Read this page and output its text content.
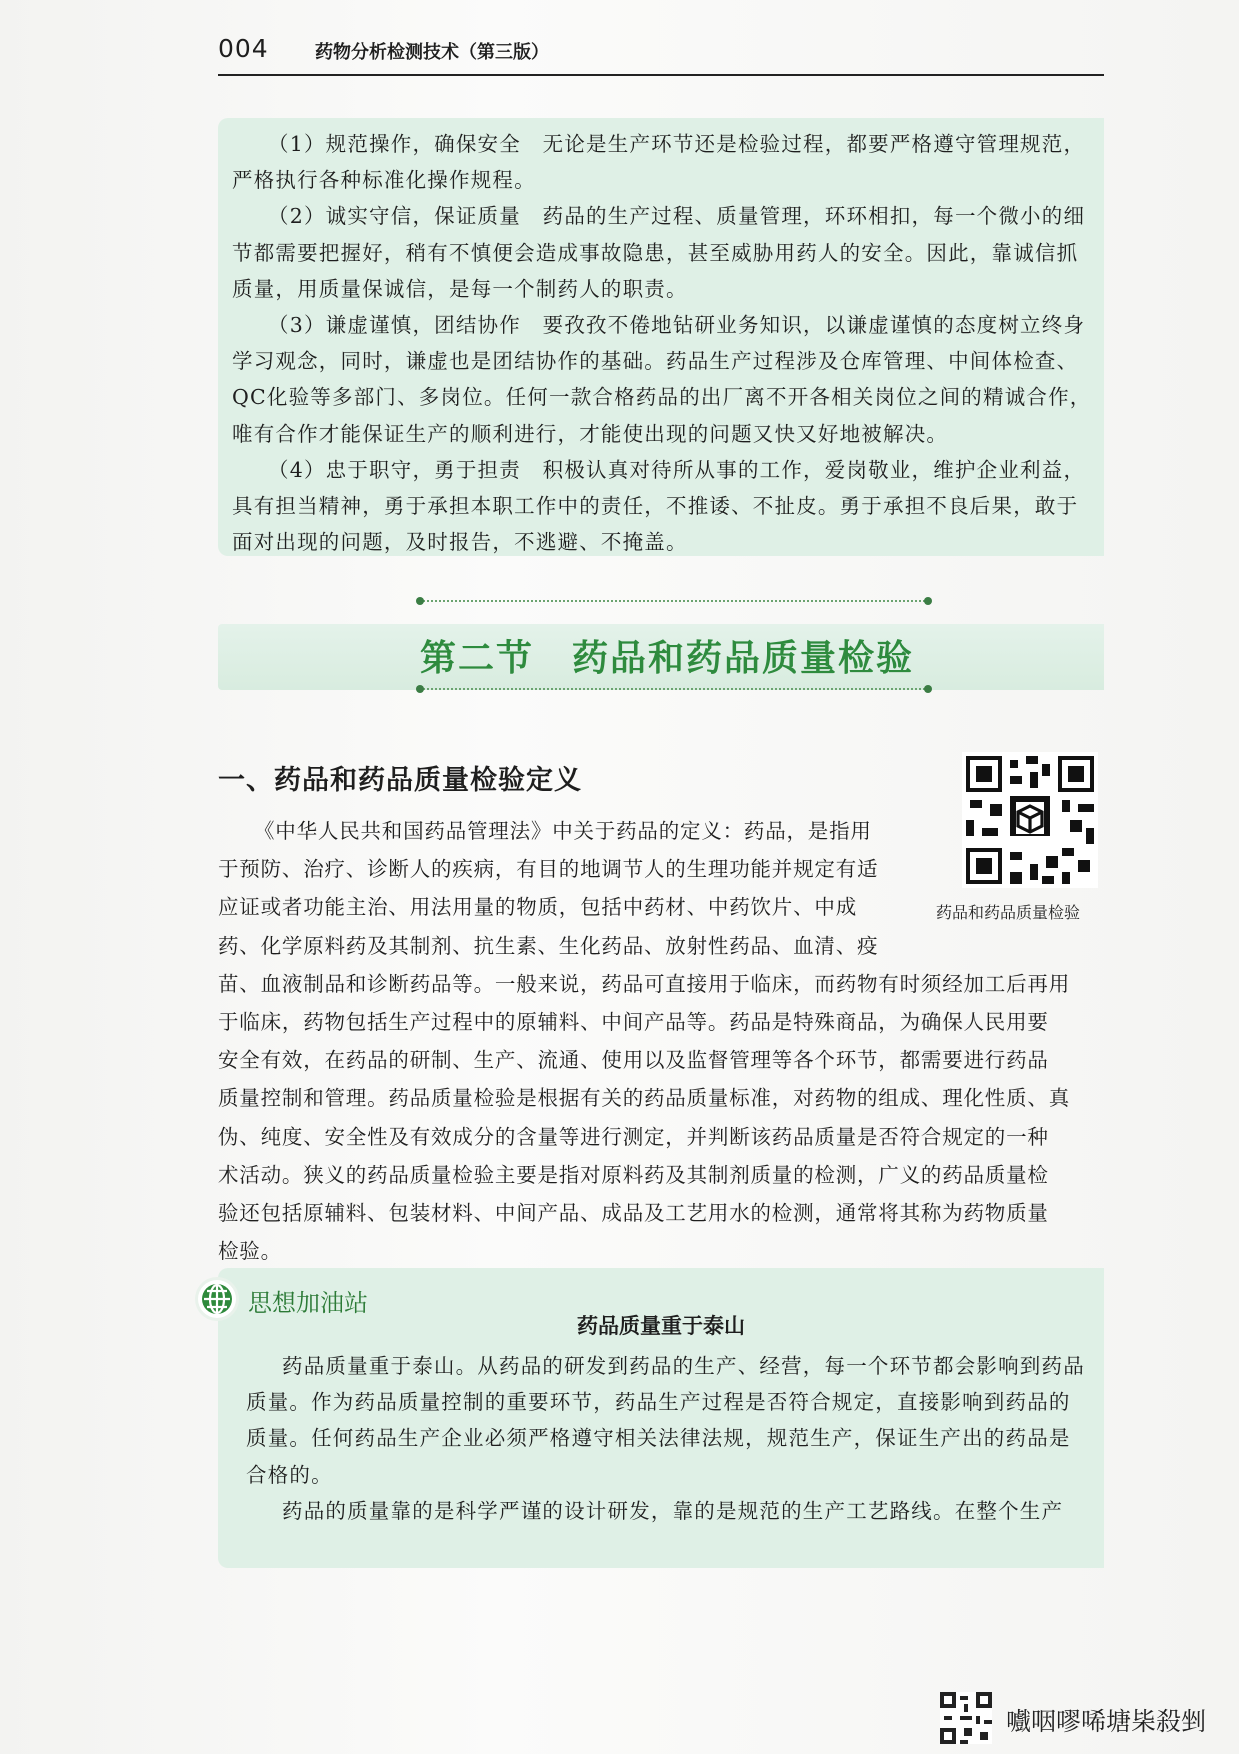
004	药物分析检测技术（第三版）

（1）规范操作，确保安全　无论是生产环节还是检验过程，都要严格遵守管理规范，

严格执行各种标准化操作规程。

（2）诚实守信，保证质量　药品的生产过程、质量管理，环环相扣，每一个微小的细

节都需要把握好，稍有不慎便会造成事故隐患，甚至威胁用药人的安全。因此，靠诚信抓

质量，用质量保诚信，是每一个制药人的职责。

（3）谦虚谨慎，团结协作　要孜孜不倦地钻研业务知识，以谦虚谨慎的态度树立终身

学习观念，同时，谦虚也是团结协作的基础。药品生产过程涉及仓库管理、中间体检查、

QC化验等多部门、多岗位。任何一款合格药品的出厂离不开各相关岗位之间的精诚合作，

唯有合作才能保证生产的顺利进行，才能使出现的问题又快又好地被解决。

（4）忠于职守，勇于担责　积极认真对待所从事的工作，爱岗敬业，维护企业利益，

具有担当精神，勇于承担本职工作中的责任，不推诿、不扯皮。勇于承担不良后果，敢于

面对出现的问题，及时报告，不逃避、不掩盖。

第二节　药品和药品质量检验
一、药品和药品质量检验定义
药品和药品质量检验

《中华人民共和国药品管理法》中关于药品的定义：药品，是指用

于预防、治疗、诊断人的疾病，有目的地调节人的生理功能并规定有适

应证或者功能主治、用法用量的物质，包括中药材、中药饮片、中成

药、化学原料药及其制剂、抗生素、生化药品、放射性药品、血清、疫

苗、血液制品和诊断药品等。一般来说，药品可直接用于临床，而药物有时须经加工后再用

于临床，药物包括生产过程中的原辅料、中间产品等。药品是特殊商品，为确保人民用要

安全有效，在药品的研制、生产、流通、使用以及监督管理等各个环节，都需要进行药品

质量控制和管理。药品质量检验是根据有关的药品质量标准，对药物的组成、理化性质、真

伪、纯度、安全性及有效成分的含量等进行测定，并判断该药品质量是否符合规定的一种

术活动。狭义的药品质量检验主要是指对原料药及其制剂质量的检测，广义的药品质量检

验还包括原辅料、包装材料、中间产品、成品及工艺用水的检测，通常将其称为药物质量

检验。

药品质量重于泰山

药品质量重于泰山。从药品的研发到药品的生产、经营，每一个环节都会影响到药品

质量。作为药品质量控制的重要环节，药品生产过程是否符合规定，直接影响到药品的

质量。任何药品生产企业必须严格遵守相关法律法规，规范生产，保证生产出的药品是

合格的。

药品的质量靠的是科学严谨的设计研发，靠的是规范的生产工艺路线。在整个生产

思想加油站
嚱咽嘐唏塘枈殺剉
